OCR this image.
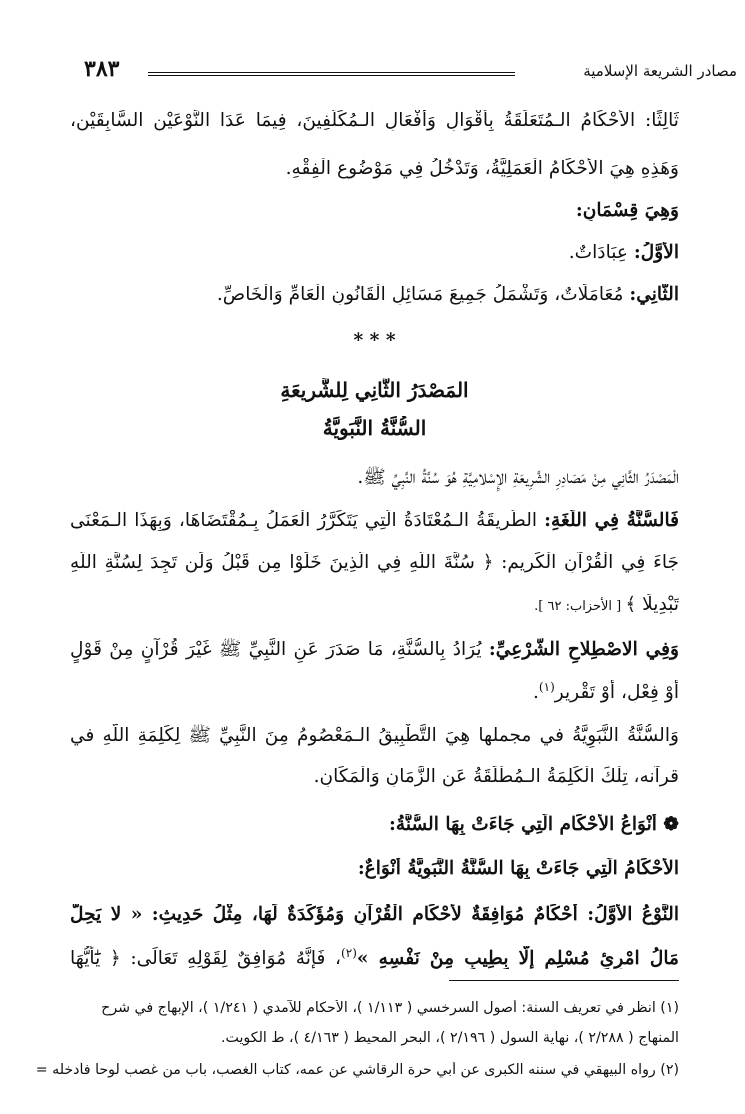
مصادر الشريعة الإسلامية
٣٨٣
ثَالِثًا: الأَحْكَامُ الـمُتَعَلِّقَةُ بِأَقْوَالِ وَأَفْعَالِ الـمُكَلَّفِينَ، فِيمَا عَدَا النَّوْعَيْنِ السَّابِقَيْنِ،
وَهَذِهِ هِيَ الأَحْكَامُ الْعَمَلِيَّةُ، وَتَدْخُلُ فِي مَوْضُوعِ الْفِقْهِ.
وَهِيَ قِسْمَانِ:
الأَوَّلُ: عِبَادَاتٌ.
الثَّانِي: مُعَامَلَاتٌ، وَتَشْمَلُ جَمِيعَ مَسَائِلِ الْقَانُونِ الْعَامِّ وَالْخَاصِّ.
* * *
المَصْدَرُ الثَّانِي لِلشَّرِيعَةِ
السُّنَّةُ النَّبَوِيَّةُ
الْمَصْدَرُ الثَّانِي مِنْ مَصَادِرِ الشَّرِيعَةِ الإِسْلامِيَّةِ هُوَ سُنَّةُ النَّبِيِّ ﷺ.
فَالسُّنَّةُ فِي اللُّغَةِ: الطَّرِيقَةُ الـمُعْتَادَةُ الَّتِي يَتَكَرَّرُ الْعَمَلُ بِـمُقْتَضَاهَا، وَبِهَذَا الـمَعْنَى
جَاءَ فِي الْقُرْآنِ الْكَرِيمِ: ﴿ سُنَّةَ اللَّهِ فِي الَّذِينَ خَلَوْا مِن قَبْلُ وَلَن تَجِدَ لِسُنَّةِ اللَّهِ
تَبْدِيلًا ﴾ [ الأحزاب: ٦٢ ].
وَفِي الاصْطِلاحِ الشَّرْعِيِّ: يُرَادُ بِالسُّنَّةِ، مَا صَدَرَ عَنِ النَّبِيِّ ﷺ غَيْرَ قُرْآنٍ مِنْ قَوْلٍ
أَوْ فِعْلٍ، أَوْ تَقْرِيرٍ$^{(١)}$.
وَالسُّنَّةُ النَّبَوِيَّةُ في مجملها هِيَ التَّطْبِيقُ الـمَعْصُومُ مِنَ النَّبِيِّ ﷺ لِكَلِمَةِ اللَّهِ في
قرآنه، تِلْكَ الْكَلِمَةُ الـمُطْلَقَةُ عَنِ الزَّمَانِ وَالْمَكَانِ.
❁ أَنْوَاعُ الأَحْكَامِ الَّتِي جَاءَتْ بِهَا السُّنَّةُ:
الأَحْكَامُ الَّتِي جَاءَتْ بِهَا السُّنَّةُ النَّبَوِيَّةُ أَنْوَاعٌ:
النَّوْعُ الأَوَّلُ: أَحْكَامٌ مُوَافِقَةٌ لأَحْكَامِ الْقُرْآنِ وَمُؤَكِّدَةٌ لَهَا، مِثْلُ حَدِيثِ: « لا يَحِلُّ
مَالُ امْرِئٍ مُسْلِمٍ إِلَّا بِطِيبٍ مِنْ نَفْسِهِ »$^{(٢)}$، فَإِنَّهُ مُوَافِقٌ لِقَوْلِهِ تَعَالَى: ﴿ يَٰٓأَيُّهَا
(١) انظر في تعريف السنة: أصول السرخسي ( ١/١١٣ )، الأحكام للآمدي ( ١/٢٤١ )، الإبهاج في شرح
المنهاج ( ٢/٢٨٨ )، نهاية السول ( ٢/١٩٦ )، البحر المحيط ( ٤/١٦٣ )، ط الكويت.
(٢) رواه البيهقي في سننه الكبرى عن أبي حرة الرقاشي عن عمه، كتاب الغصب، باب من غصب لوحا فأدخله =
